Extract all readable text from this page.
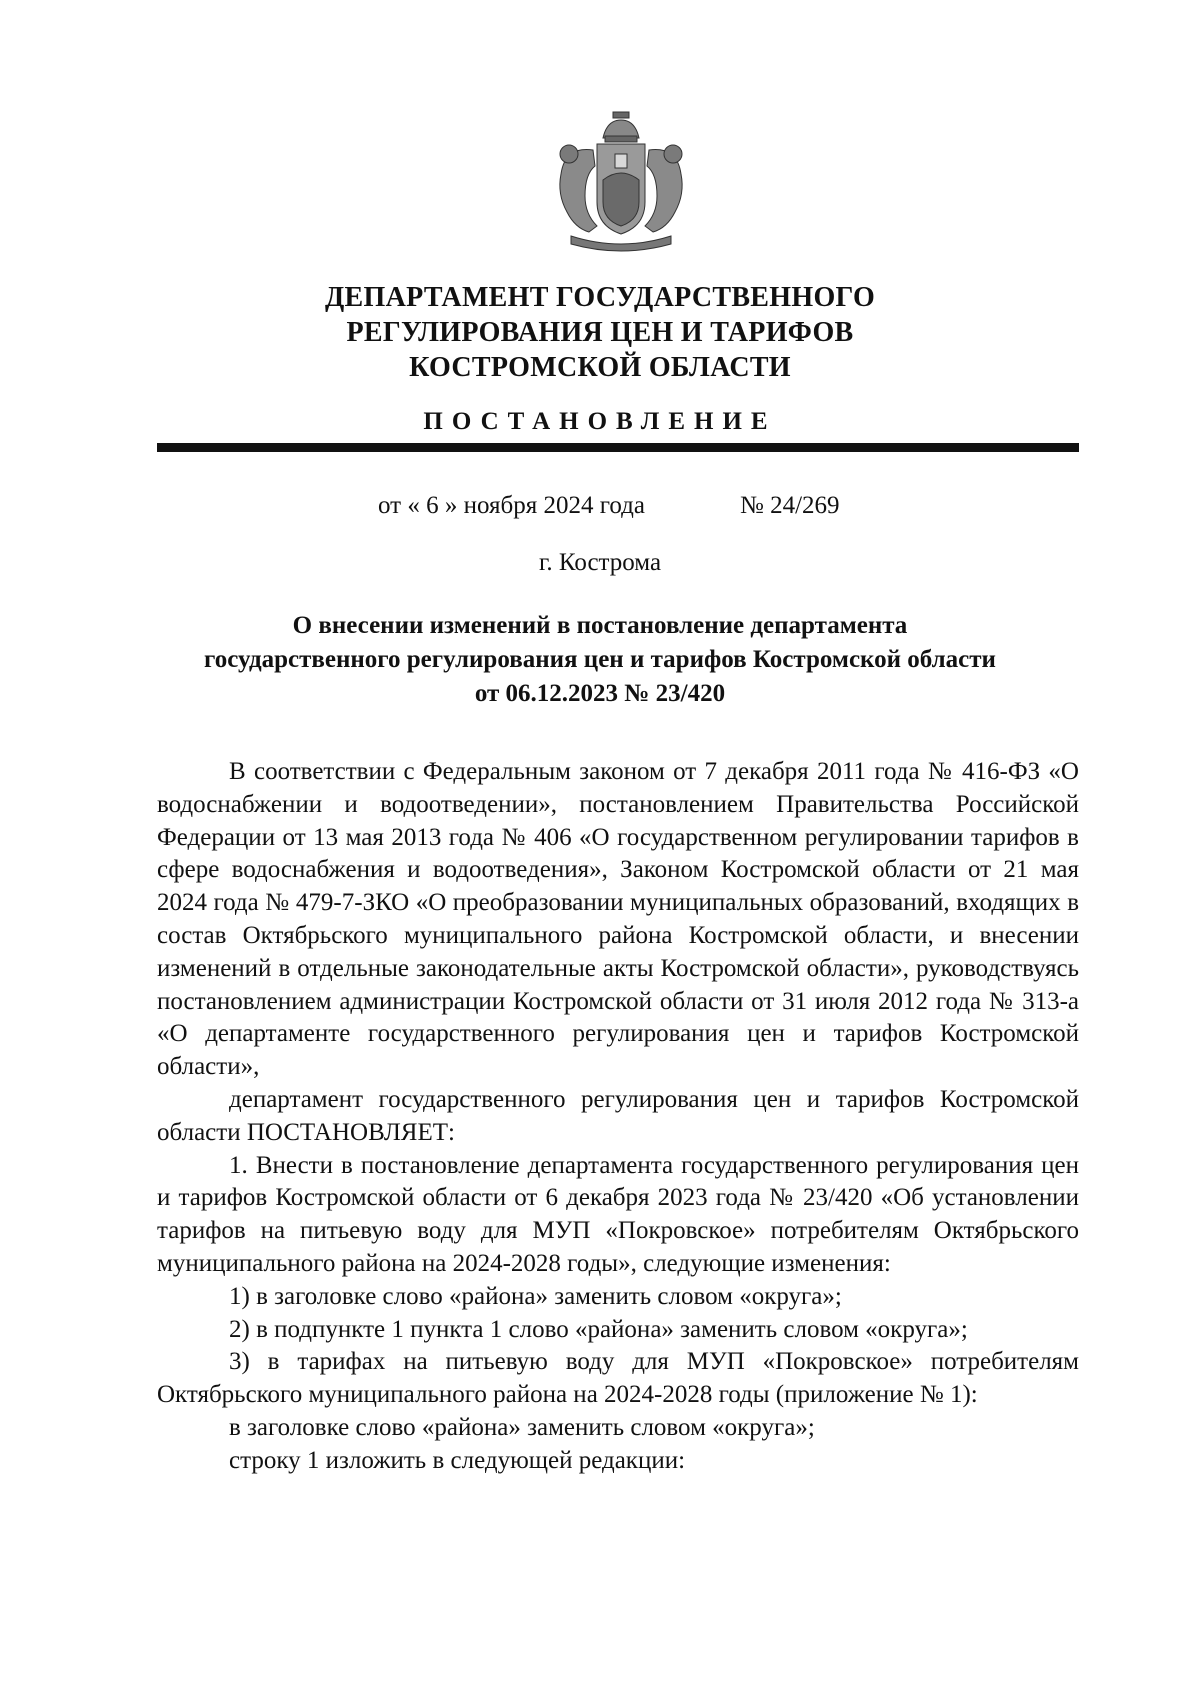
ДЕПАРТАМЕНТ ГОСУДАРСТВЕННОГО

РЕГУЛИРОВАНИЯ ЦЕН И ТАРИФОВ

КОСТРОМСКОЙ ОБЛАСТИ

ПОСТАНОВЛЕНИЕ

от « 6 » ноября 2024 года	№ 24/269
г. Кострома

О внесении изменений в постановление департамента
государственного регулирования цен и тарифов Костромской области
от 06.12.2023 № 23/420

В соответствии с Федеральным законом от 7 декабря 2011 года № 416-ФЗ «О водоснабжении и водоотведении», постановлением Правительства Российской Федерации от 13 мая 2013 года № 406 «О государственном регулировании тарифов в сфере водоснабжения и водоотведения», Законом Костромской области от 21 мая 2024 года № 479-7-ЗКО «О преобразовании муниципальных образований, входящих в состав Октябрьского муниципального района Костромской области, и внесении изменений в отдельные законодательные акты Костромской области», руководствуясь постановлением администрации Костромской области от 31 июля 2012 года № 313-а «О департаменте государственного регулирования цен и тарифов Костромской области»,

департамент государственного регулирования цен и тарифов Костромской области ПОСТАНОВЛЯЕТ:

1. Внести в постановление департамента государственного регулирования цен и тарифов Костромской области от 6 декабря 2023 года № 23/420 «Об установлении тарифов на питьевую воду для МУП «Покровское» потребителям Октябрьского муниципального района на 2024-2028 годы», следующие изменения:

1) в заголовке слово «района» заменить словом «округа»;

2) в подпункте 1 пункта 1 слово «района» заменить словом «округа»;

3) в тарифах на питьевую воду для МУП «Покровское» потребителям Октябрьского муниципального района на 2024-2028 годы (приложение № 1):

в заголовке слово «района» заменить словом «округа»;

строку 1 изложить в следующей редакции:
